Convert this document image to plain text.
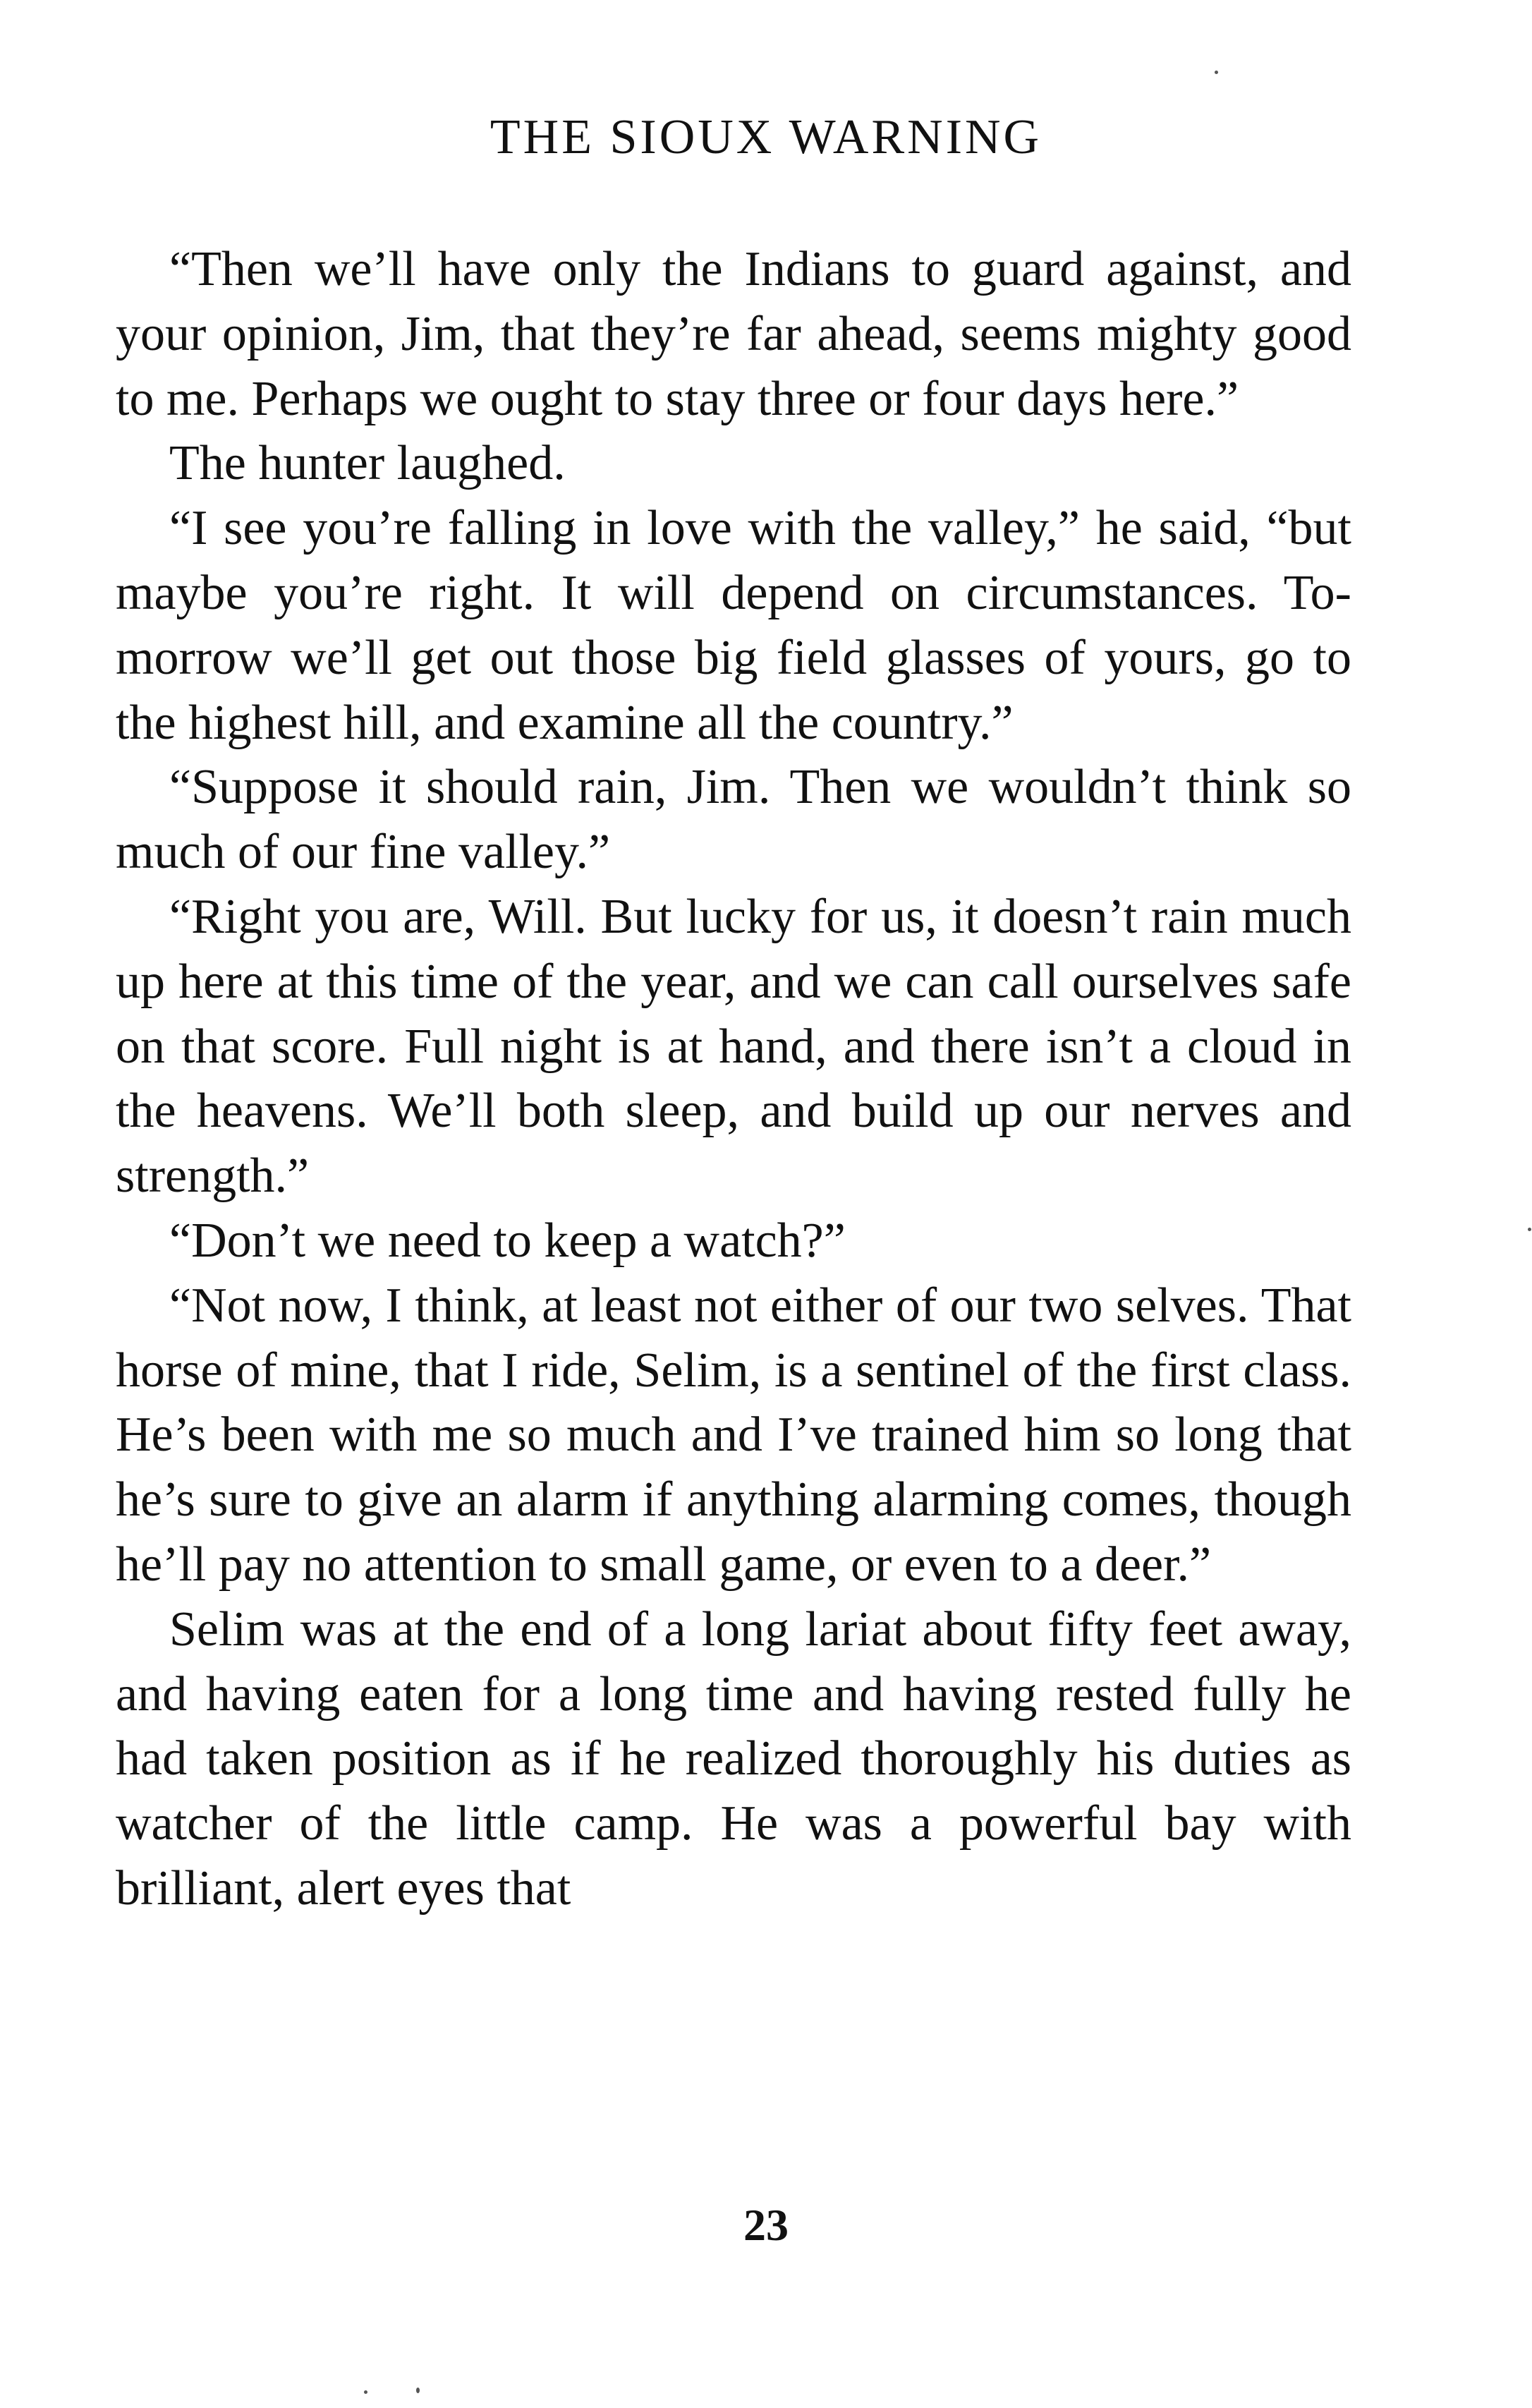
THE SIOUX WARNING

“Then we’ll have only the Indians to guard against, and your opinion, Jim, that they’re far ahead, seems mighty good to me. Perhaps we ought to stay three or four days here.”

The hunter laughed.

“I see you’re falling in love with the valley,” he said, “but maybe you’re right. It will depend on circumstances. To-morrow we’ll get out those big field glasses of yours, go to the highest hill, and examine all the country.”

“Suppose it should rain, Jim. Then we wouldn’t think so much of our fine valley.”

“Right you are, Will. But lucky for us, it doesn’t rain much up here at this time of the year, and we can call ourselves safe on that score. Full night is at hand, and there isn’t a cloud in the heavens. We’ll both sleep, and build up our nerves and strength.”

“Don’t we need to keep a watch?”

“Not now, I think, at least not either of our two selves. That horse of mine, that I ride, Selim, is a sentinel of the first class. He’s been with me so much and I’ve trained him so long that he’s sure to give an alarm if anything alarming comes, though he’ll pay no attention to small game, or even to a deer.”

Selim was at the end of a long lariat about fifty feet away, and having eaten for a long time and having rested fully he had taken position as if he realized thoroughly his duties as watcher of the little camp. He was a powerful bay with brilliant, alert eyes that

23
